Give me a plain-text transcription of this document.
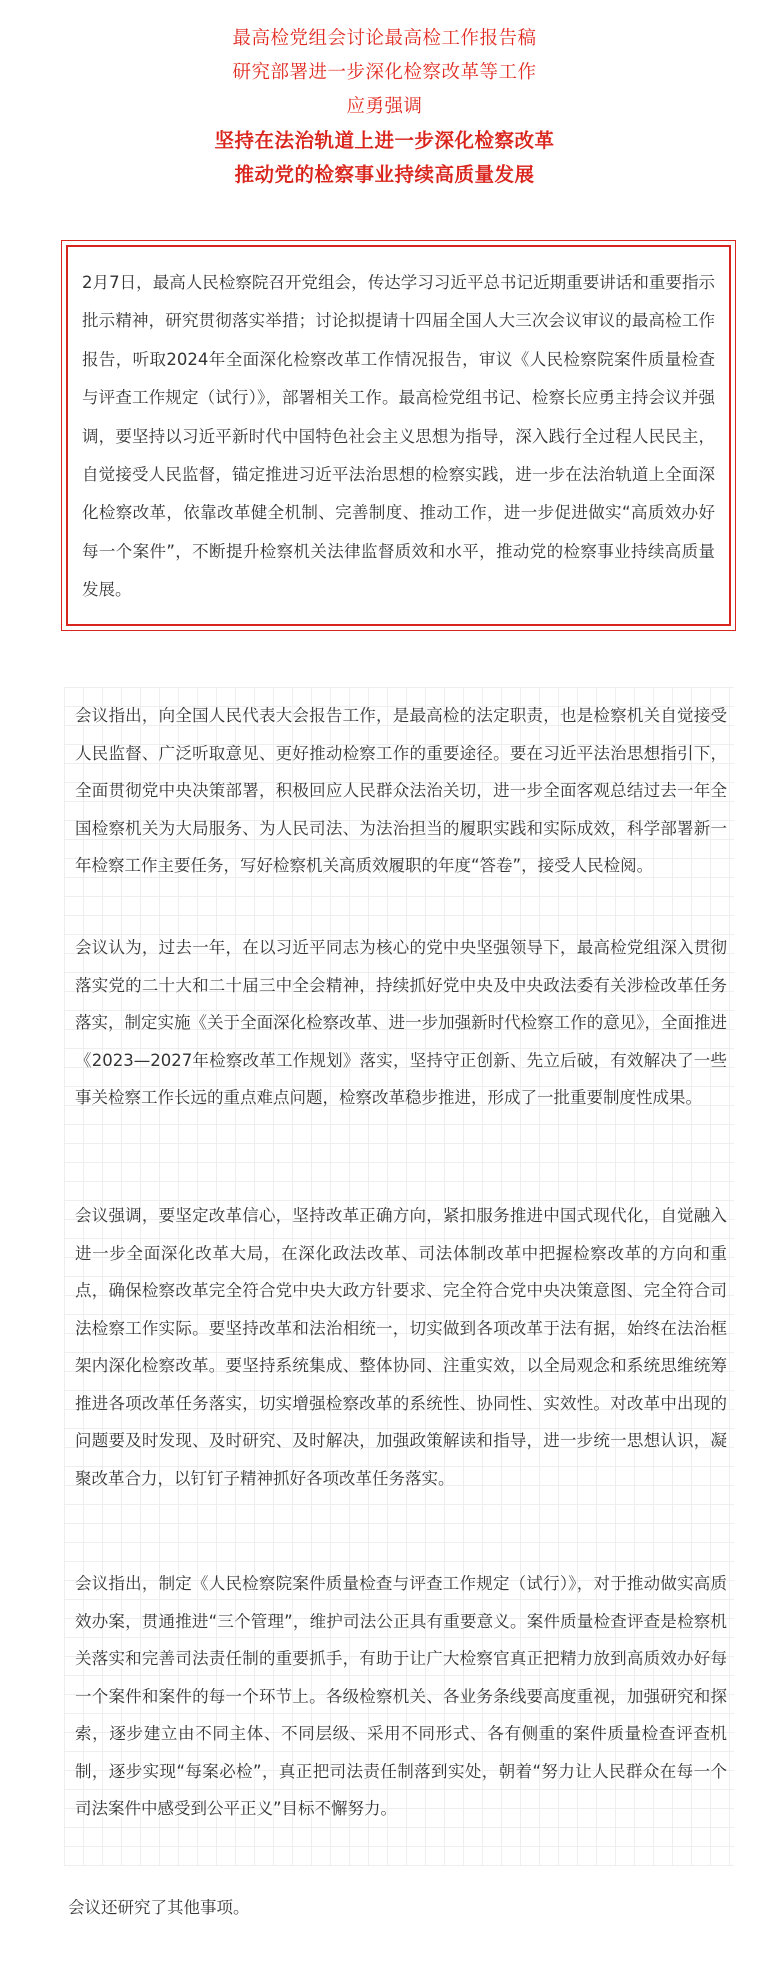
最高检党组会讨论最高检工作报告稿
研究部署进一步深化检察改革等工作
应勇强调
坚持在法治轨道上进一步深化检察改革
推动党的检察事业持续高质量发展
2月7日，最高人民检察院召开党组会，传达学习习近平总书记近期重要讲话和重要指示批示精神，研究贯彻落实举措；讨论拟提请十四届全国人大三次会议审议的最高检工作报告，听取2024年全面深化检察改革工作情况报告，审议《人民检察院案件质量检查与评查工作规定（试行）》，部署相关工作。最高检党组书记、检察长应勇主持会议并强调，要坚持以习近平新时代中国特色社会主义思想为指导，深入践行全过程人民民主，自觉接受人民监督，锚定推进习近平法治思想的检察实践，进一步在法治轨道上全面深化检察改革，依靠改革健全机制、完善制度、推动工作，进一步促进做实“高质效办好每一个案件”，不断提升检察机关法律监督质效和水平，推动党的检察事业持续高质量发展。
会议指出，向全国人民代表大会报告工作，是最高检的法定职责，也是检察机关自觉接受人民监督、广泛听取意见、更好推动检察工作的重要途径。要在习近平法治思想指引下，全面贯彻党中央决策部署，积极回应人民群众法治关切，进一步全面客观总结过去一年全国检察机关为大局服务、为人民司法、为法治担当的履职实践和实际成效，科学部署新一年检察工作主要任务，写好检察机关高质效履职的年度“答卷”，接受人民检阅。
会议认为，过去一年，在以习近平同志为核心的党中央坚强领导下，最高检党组深入贯彻落实党的二十大和二十届三中全会精神，持续抓好党中央及中央政法委有关涉检改革任务落实，制定实施《关于全面深化检察改革、进一步加强新时代检察工作的意见》，全面推进《2023—2027年检察改革工作规划》落实，坚持守正创新、先立后破，有效解决了一些事关检察工作长远的重点难点问题，检察改革稳步推进，形成了一批重要制度性成果。
会议强调，要坚定改革信心，坚持改革正确方向，紧扣服务推进中国式现代化，自觉融入进一步全面深化改革大局，在深化政法改革、司法体制改革中把握检察改革的方向和重点，确保检察改革完全符合党中央大政方针要求、完全符合党中央决策意图、完全符合司法检察工作实际。要坚持改革和法治相统一，切实做到各项改革于法有据，始终在法治框架内深化检察改革。要坚持系统集成、整体协同、注重实效，以全局观念和系统思维统筹推进各项改革任务落实，切实增强检察改革的系统性、协同性、实效性。对改革中出现的问题要及时发现、及时研究、及时解决，加强政策解读和指导，进一步统一思想认识，凝聚改革合力，以钉钉子精神抓好各项改革任务落实。
会议指出，制定《人民检察院案件质量检查与评查工作规定（试行）》，对于推动做实高质效办案，贯通推进“三个管理”，维护司法公正具有重要意义。案件质量检查评查是检察机关落实和完善司法责任制的重要抓手，有助于让广大检察官真正把精力放到高质效办好每一个案件和案件的每一个环节上。各级检察机关、各业务条线要高度重视，加强研究和探索，逐步建立由不同主体、不同层级、采用不同形式、各有侧重的案件质量检查评查机制，逐步实现“每案必检”，真正把司法责任制落到实处，朝着“努力让人民群众在每一个司法案件中感受到公平正义”目标不懈努力。
会议还研究了其他事项。
